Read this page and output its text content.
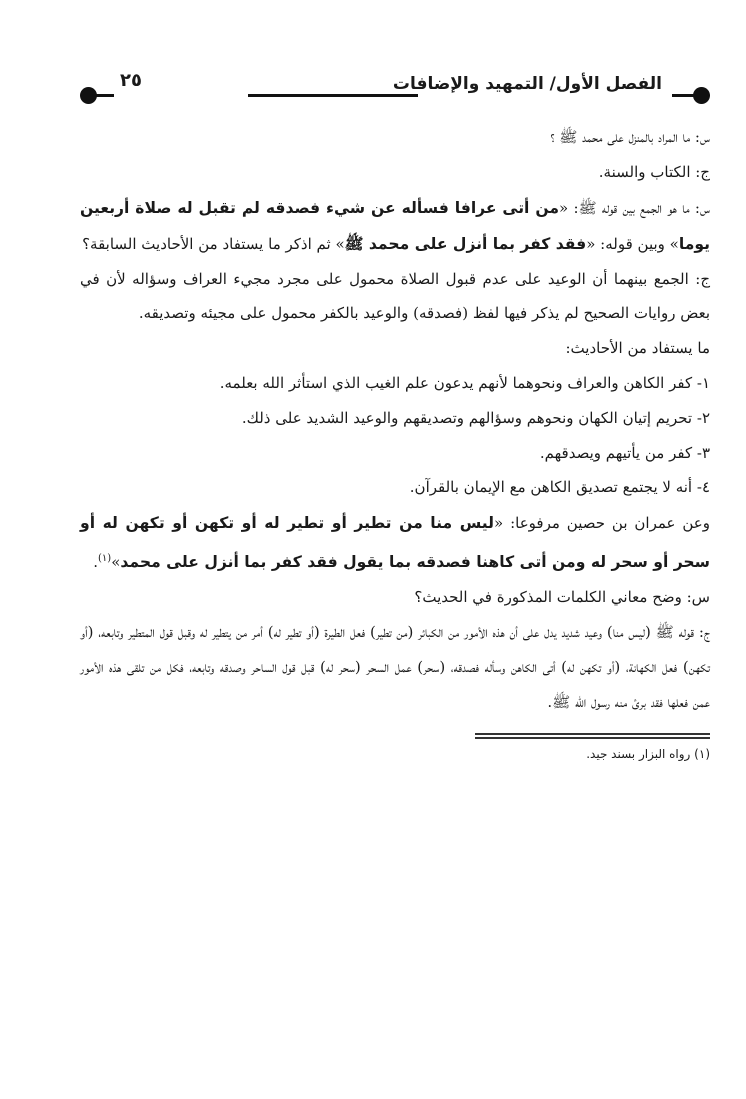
الفصل الأول/ التمهيد والإضافات
٢٥

س: ما المراد بالمنزل على محمد ﷺ ؟

ج: الكتاب والسنة.

س: ما هو الجمع بين قوله ﷺ: «من أتى عرافا فسأله عن شيء فصدقه لم تقبل له صلاة أربعين يوما» وبين قوله: «فقد كفر بما أنزل على محمد ﷺ» ثم اذكر ما يستفاد من الأحاديث السابقة؟

ج: الجمع بينهما أن الوعيد على عدم قبول الصلاة محمول على مجرد مجيء العراف وسؤاله لأن في بعض روايات الصحيح لم يذكر فيها لفظ (فصدقه) والوعيد بالكفر محمول على مجيئه وتصديقه.

ما يستفاد من الأحاديث:

١- كفر الكاهن والعراف ونحوهما لأنهم يدعون علم الغيب الذي استأثر الله بعلمه.

٢- تحريم إتيان الكهان ونحوهم وسؤالهم وتصديقهم والوعيد الشديد على ذلك.

٣- كفر من يأتيهم ويصدقهم.

٤- أنه لا يجتمع تصديق الكاهن مع الإيمان بالقرآن.

وعن عمران بن حصين مرفوعا: «ليس منا من تطير أو تطير له أو تكهن أو تكهن له أو سحر أو سحر له ومن أتى كاهنا فصدقه بما يقول فقد كفر بما أنزل على محمد»$^{(١)}$.

س: وضح معاني الكلمات المذكورة في الحديث؟

ج: قوله ﷺ (ليس منا) وعيد شديد يدل على أن هذه الأمور من الكبائر (من تطير) فعل الطيرة (أو تطير له) أمر من يتطير له وقبل قول المتطير وتابعه، (أو تكهن) فعل الكهانة، (أو تكهن له) أتى الكاهن وسأله فصدقه، (سحر) عمل السحر (سحر له) قبل قول الساحر وصدقه وتابعه، فكل من تلقى هذه الأمور عمن فعلها فقد برئ منه رسول الله ﷺ.

(١) رواه البزار بسند جيد.
